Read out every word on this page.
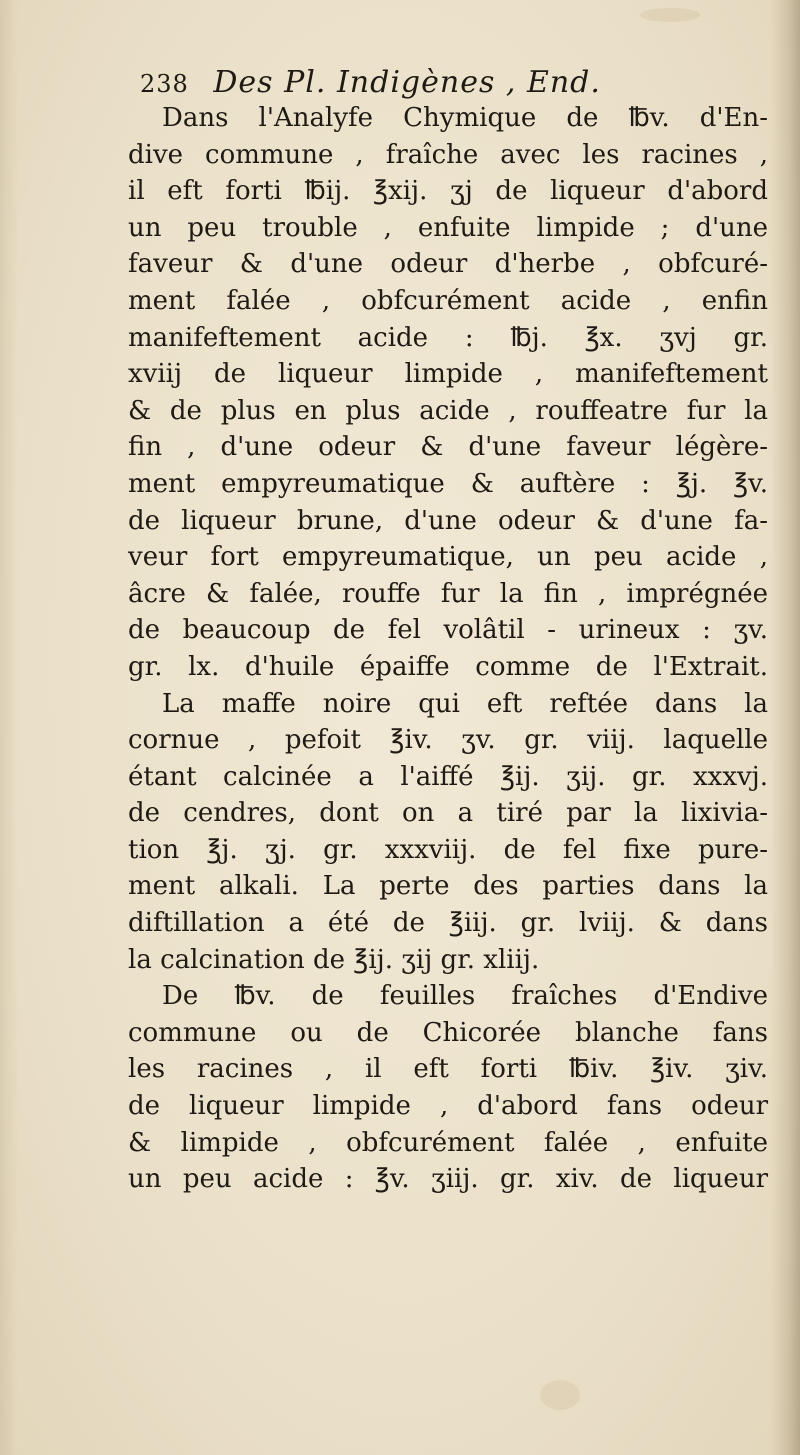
238 Des Pl. Indigènes , End.
Dans l'Analyfe Chymique de ℔v. d'En-
dive commune , fraîche avec les racines ,
il eft forti ℔ij. ℥xij. ʒj de liqueur d'abord
un peu trouble , enfuite limpide ; d'une
faveur & d'une odeur d'herbe , obfcuré-
ment falée , obfcurément acide , enfin
manifeftement acide : ℔j. ℥x. ʒvj gr.
xviij de liqueur limpide , manifeftement
& de plus en plus acide , rouffeatre fur la
fin , d'une odeur & d'une faveur légère-
ment empyreumatique & auftère : ℥j. ℥v.
de liqueur brune, d'une odeur & d'une fa-
veur fort empyreumatique, un peu acide ,
âcre & falée, rouffe fur la fin , imprégnée
de beaucoup de fel volâtil - urineux : ʒv.
gr. lx. d'huile épaiffe comme de l'Extrait.
La maffe noire qui eft reftée dans la
cornue , pefoit ℥iv. ʒv. gr. viij. laquelle
étant calcinée a l'aiffé ℥ij. ʒij. gr. xxxvj.
de cendres, dont on a tiré par la lixivia-
tion ℥j. ʒj. gr. xxxviij. de fel fixe pure-
ment alkali. La perte des parties dans la
diftillation a été de ℥iij. gr. lviij. & dans
la calcination de ℥ij. ʒij gr. xliij.
De ℔v. de feuilles fraîches d'Endive
commune ou de Chicorée blanche fans
les racines , il eft forti ℔iv. ℥iv. ʒiv.
de liqueur limpide , d'abord fans odeur
& limpide , obfcurément falée , enfuite
un peu acide : ℥v. ʒiij. gr. xiv. de liqueur
